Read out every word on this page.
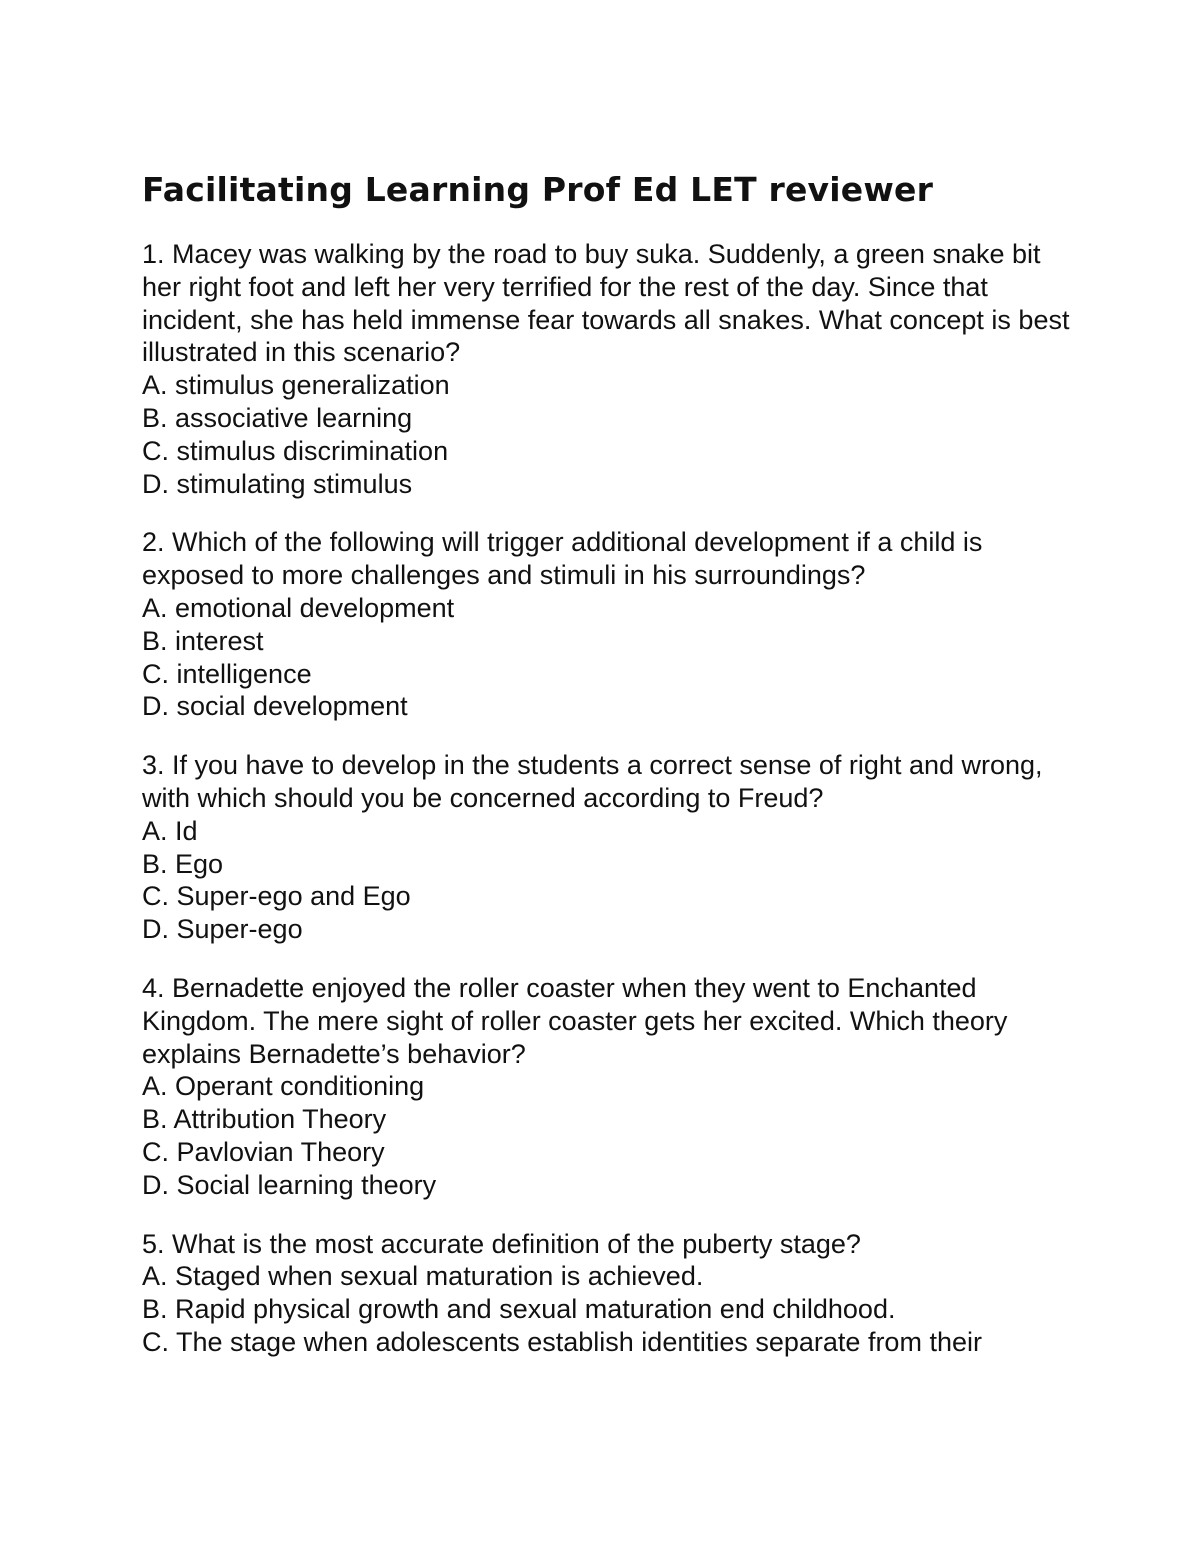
Facilitating Learning Prof Ed LET reviewer

1. Macey was walking by the road to buy suka. Suddenly, a green snake bit her right foot and left her very terrified for the rest of the day. Since that incident, she has held immense fear towards all snakes. What concept is best illustrated in this scenario?

A. stimulus generalization

B. associative learning

C. stimulus discrimination

D. stimulating stimulus

2. Which of the following will trigger additional development if a child is exposed to more challenges and stimuli in his surroundings?

A. emotional development

B. interest

C. intelligence

D. social development

3. If you have to develop in the students a correct sense of right and wrong, with which should you be concerned according to Freud?

A. Id

B. Ego

C. Super-ego and Ego

D. Super-ego

4. Bernadette enjoyed the roller coaster when they went to Enchanted Kingdom. The mere sight of roller coaster gets her excited. Which theory explains Bernadette’s behavior?

A. Operant conditioning

B. Attribution Theory

C. Pavlovian Theory

D. Social learning theory

5. What is the most accurate definition of the puberty stage?

A. Staged when sexual maturation is achieved.

B. Rapid physical growth and sexual maturation end childhood.

C. The stage when adolescents establish identities separate from their
